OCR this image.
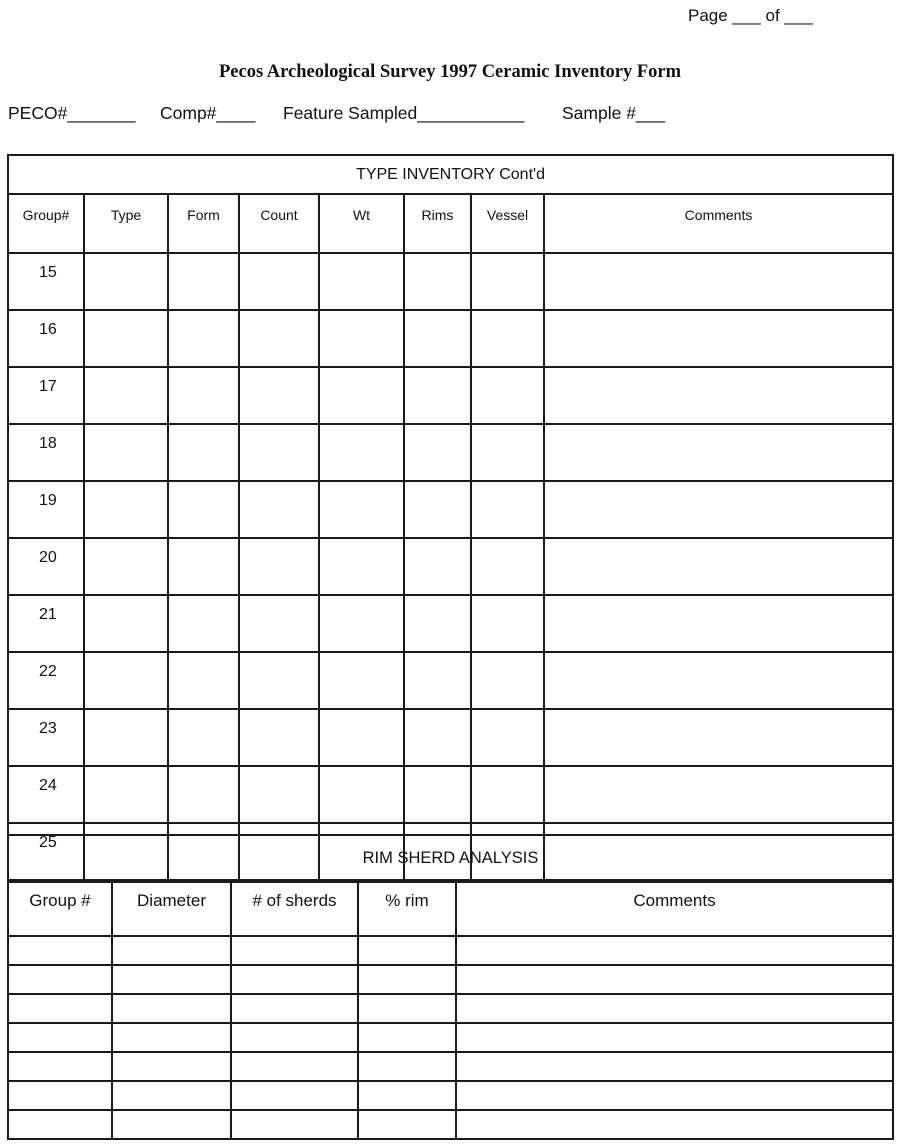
Page ___ of ___
Pecos Archeological Survey 1997 Ceramic Inventory Form
PECO#_______ Comp#____ Feature Sampled___________ Sample #___
TYPE INVENTORY Cont'd							
Group#	Type	Form	Count	Wt	Rims	Vessel	Comments
15							
16							
17							
18							
19							
20							
21							
22							
23							
24							
25							
RIM SHERD ANALYSIS				
Group #	Diameter	# of sherds	% rim	Comments
